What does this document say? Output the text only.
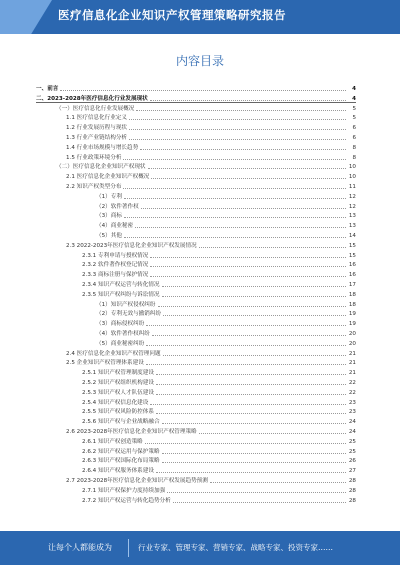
医疗信息化企业知识产权管理策略研究报告
内容目录
一、前言	4
二、2023-2028年医疗信息化行业发展现状	4
（一）医疗信息化行业发展概况	5
1.1 医疗信息化行业定义	5
1.2 行业发展历程与现状	6
1.3 行业产业链结构分析	6
1.4 行业市场规模与增长趋势	8
1.5 行业政策环境分析	8
（二）医疗信息化企业知识产权现状	10
2.1 医疗信息化企业知识产权概况	10
2.2 知识产权类型分布	11
（1）专利	12
（2）软件著作权	12
（3）商标	13
（4）商业秘密	13
（5）其他	14
2.3 2022-2023年医疗信息化企业知识产权发展情况	15
2.3.1 专利申请与授权情况	15
2.3.2 软件著作权登记情况	16
2.3.3 商标注册与保护情况	16
2.3.4 知识产权运营与转化情况	17
2.3.5 知识产权纠纷与诉讼情况	18
（1）知识产权侵权纠纷	18
（2）专利无效与撤销纠纷	19
（3）商标侵权纠纷	19
（4）软件著作权纠纷	20
（5）商业秘密纠纷	20
2.4 医疗信息化企业知识产权管理问题	21
2.5 企业知识产权管理体系建设	21
2.5.1 知识产权管理制度建设	21
2.5.2 知识产权组织机构建设	22
2.5.3 知识产权人才队伍建设	22
2.5.4 知识产权信息化建设	23
2.5.5 知识产权风险防控体系	23
2.5.6 知识产权与企业战略融合	24
2.6 2023-2028年医疗信息化企业知识产权管理策略	24
2.6.1 知识产权创造策略	25
2.6.2 知识产权运用与保护策略	25
2.6.3 知识产权国际化布局策略	26
2.6.4 知识产权服务体系建设	27
2.7 2023-2028年医疗信息化企业知识产权发展趋势预测	28
2.7.1 知识产权保护力度持续加强	28
2.7.2 知识产权运营与转化趋势分析	28
让每个人都能成为	行业专家、管理专家、营销专家、战略专家、投资专家……
